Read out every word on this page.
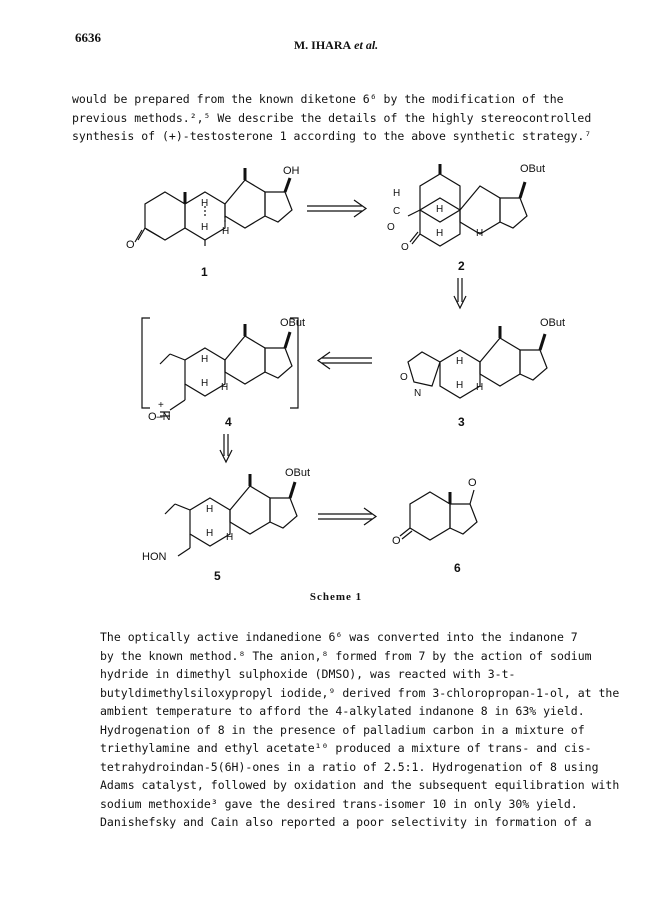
6636	M. IHARA et al.
would be prepared from the known diketone 6⁶ by the modification of the
previous methods.²,⁵ We describe the details of the highly stereocontrolled
synthesis of (+)-testosterone 1 according to the above synthetic strategy.⁷
OH
O
H
H H
1
OBut
H
C
O
O
H
H	H
2
OBut
O
N
H
H H
3
OBut
O–N
+
H
H H
4
OBut
HON
H
H H
5
O
O
6
Scheme 1
The optically active indanedione 6⁶ was converted into the indanone 7
by the known method.⁸ The anion,⁸ formed from 7 by the action of sodium
hydride in dimethyl sulphoxide (DMSO), was reacted with 3-t-
butyldimethylsiloxypropyl iodide,⁹ derived from 3-chloropropan-1-ol, at the
ambient temperature to afford the 4-alkylated indanone 8 in 63% yield.
Hydrogenation of 8 in the presence of palladium carbon in a mixture of
triethylamine and ethyl acetate¹⁰ produced a mixture of trans- and cis-
tetrahydroindan-5(6H)-ones in a ratio of 2.5:1. Hydrogenation of 8 using
Adams catalyst, followed by oxidation and the subsequent equilibration with
sodium methoxide³ gave the desired trans-isomer 10 in only 30% yield.
Danishefsky and Cain also reported a poor selectivity in formation of a
